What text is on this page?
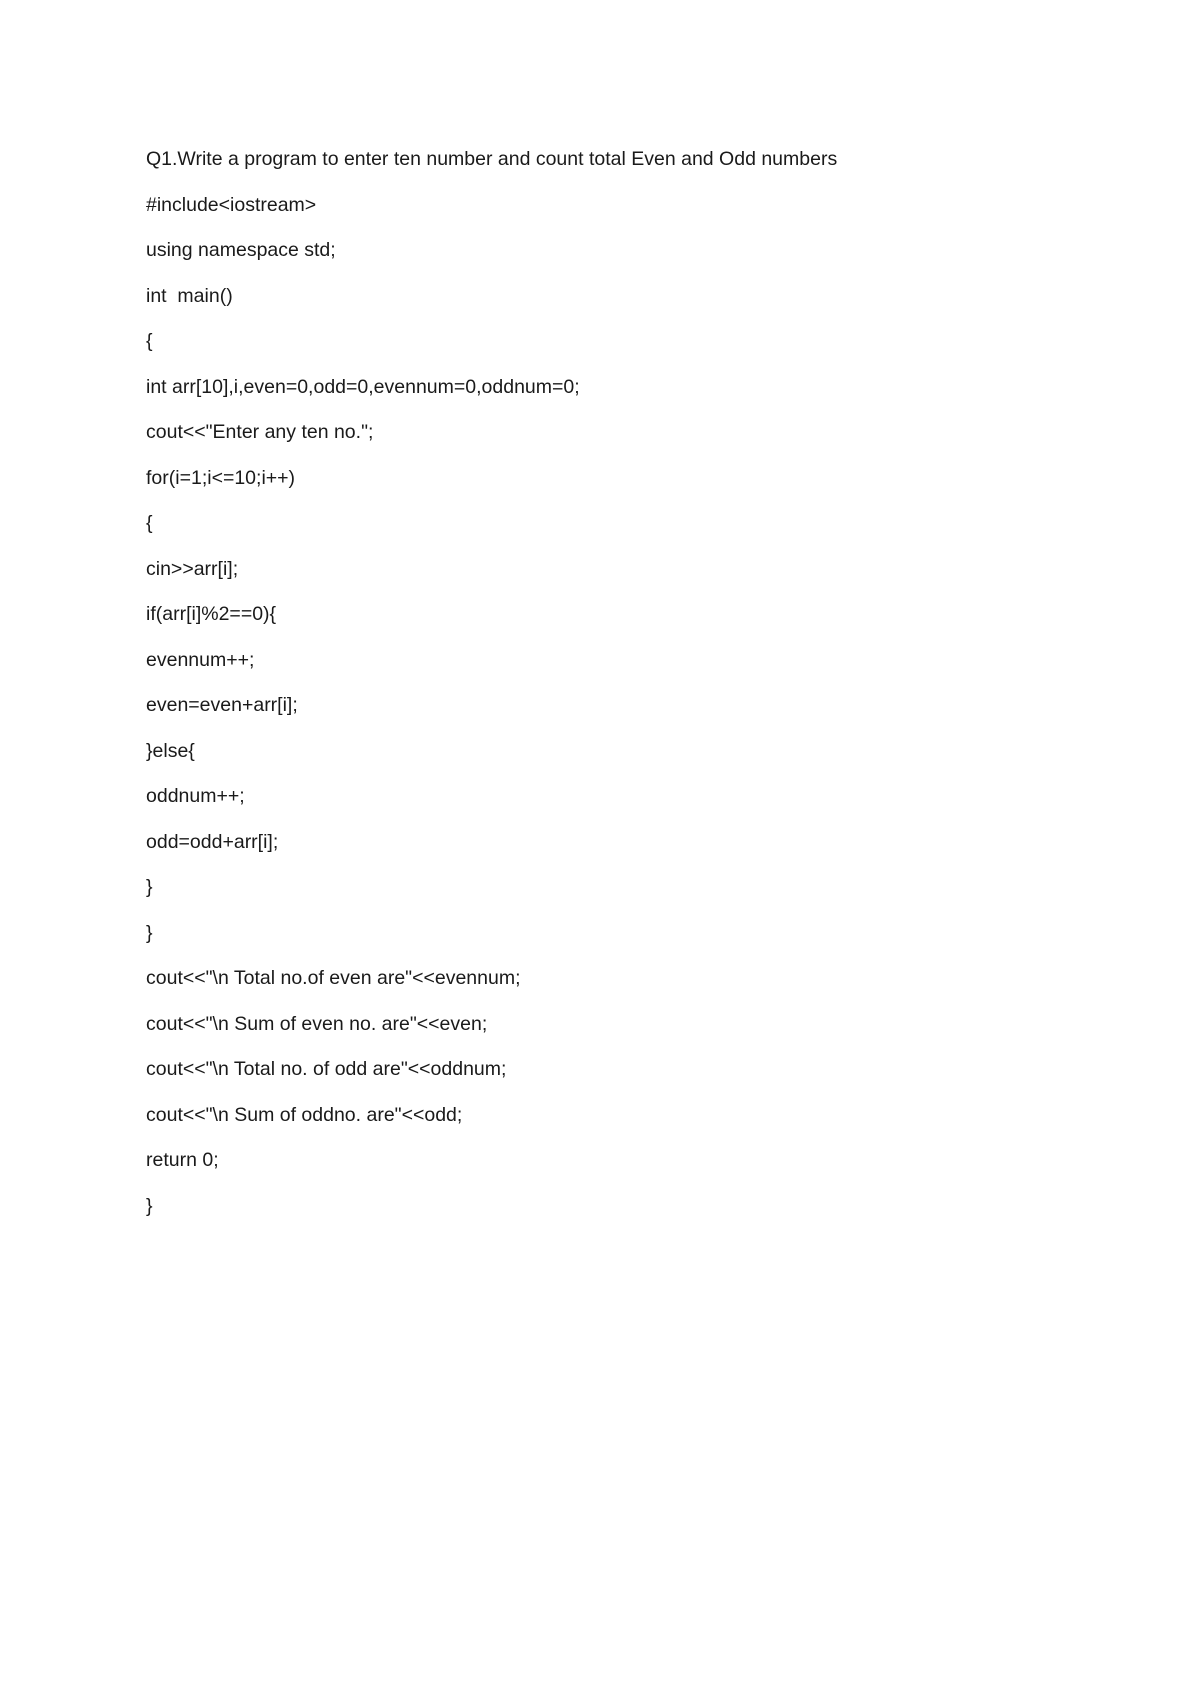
Q1.Write a program to enter ten number and count total Even and Odd numbers
#include<iostream>
using namespace std;
int  main()
{
int arr[10],i,even=0,odd=0,evennum=0,oddnum=0;
cout<<"Enter any ten no.";
for(i=1;i<=10;i++)
{
cin>>arr[i];
if(arr[i]%2==0){
evennum++;
even=even+arr[i];
}else{
oddnum++;
odd=odd+arr[i];
}
}
cout<<"\n Total no.of even are"<<evennum;
cout<<"\n Sum of even no. are"<<even;
cout<<"\n Total no. of odd are"<<oddnum;
cout<<"\n Sum of oddno. are"<<odd;
return 0;
}
